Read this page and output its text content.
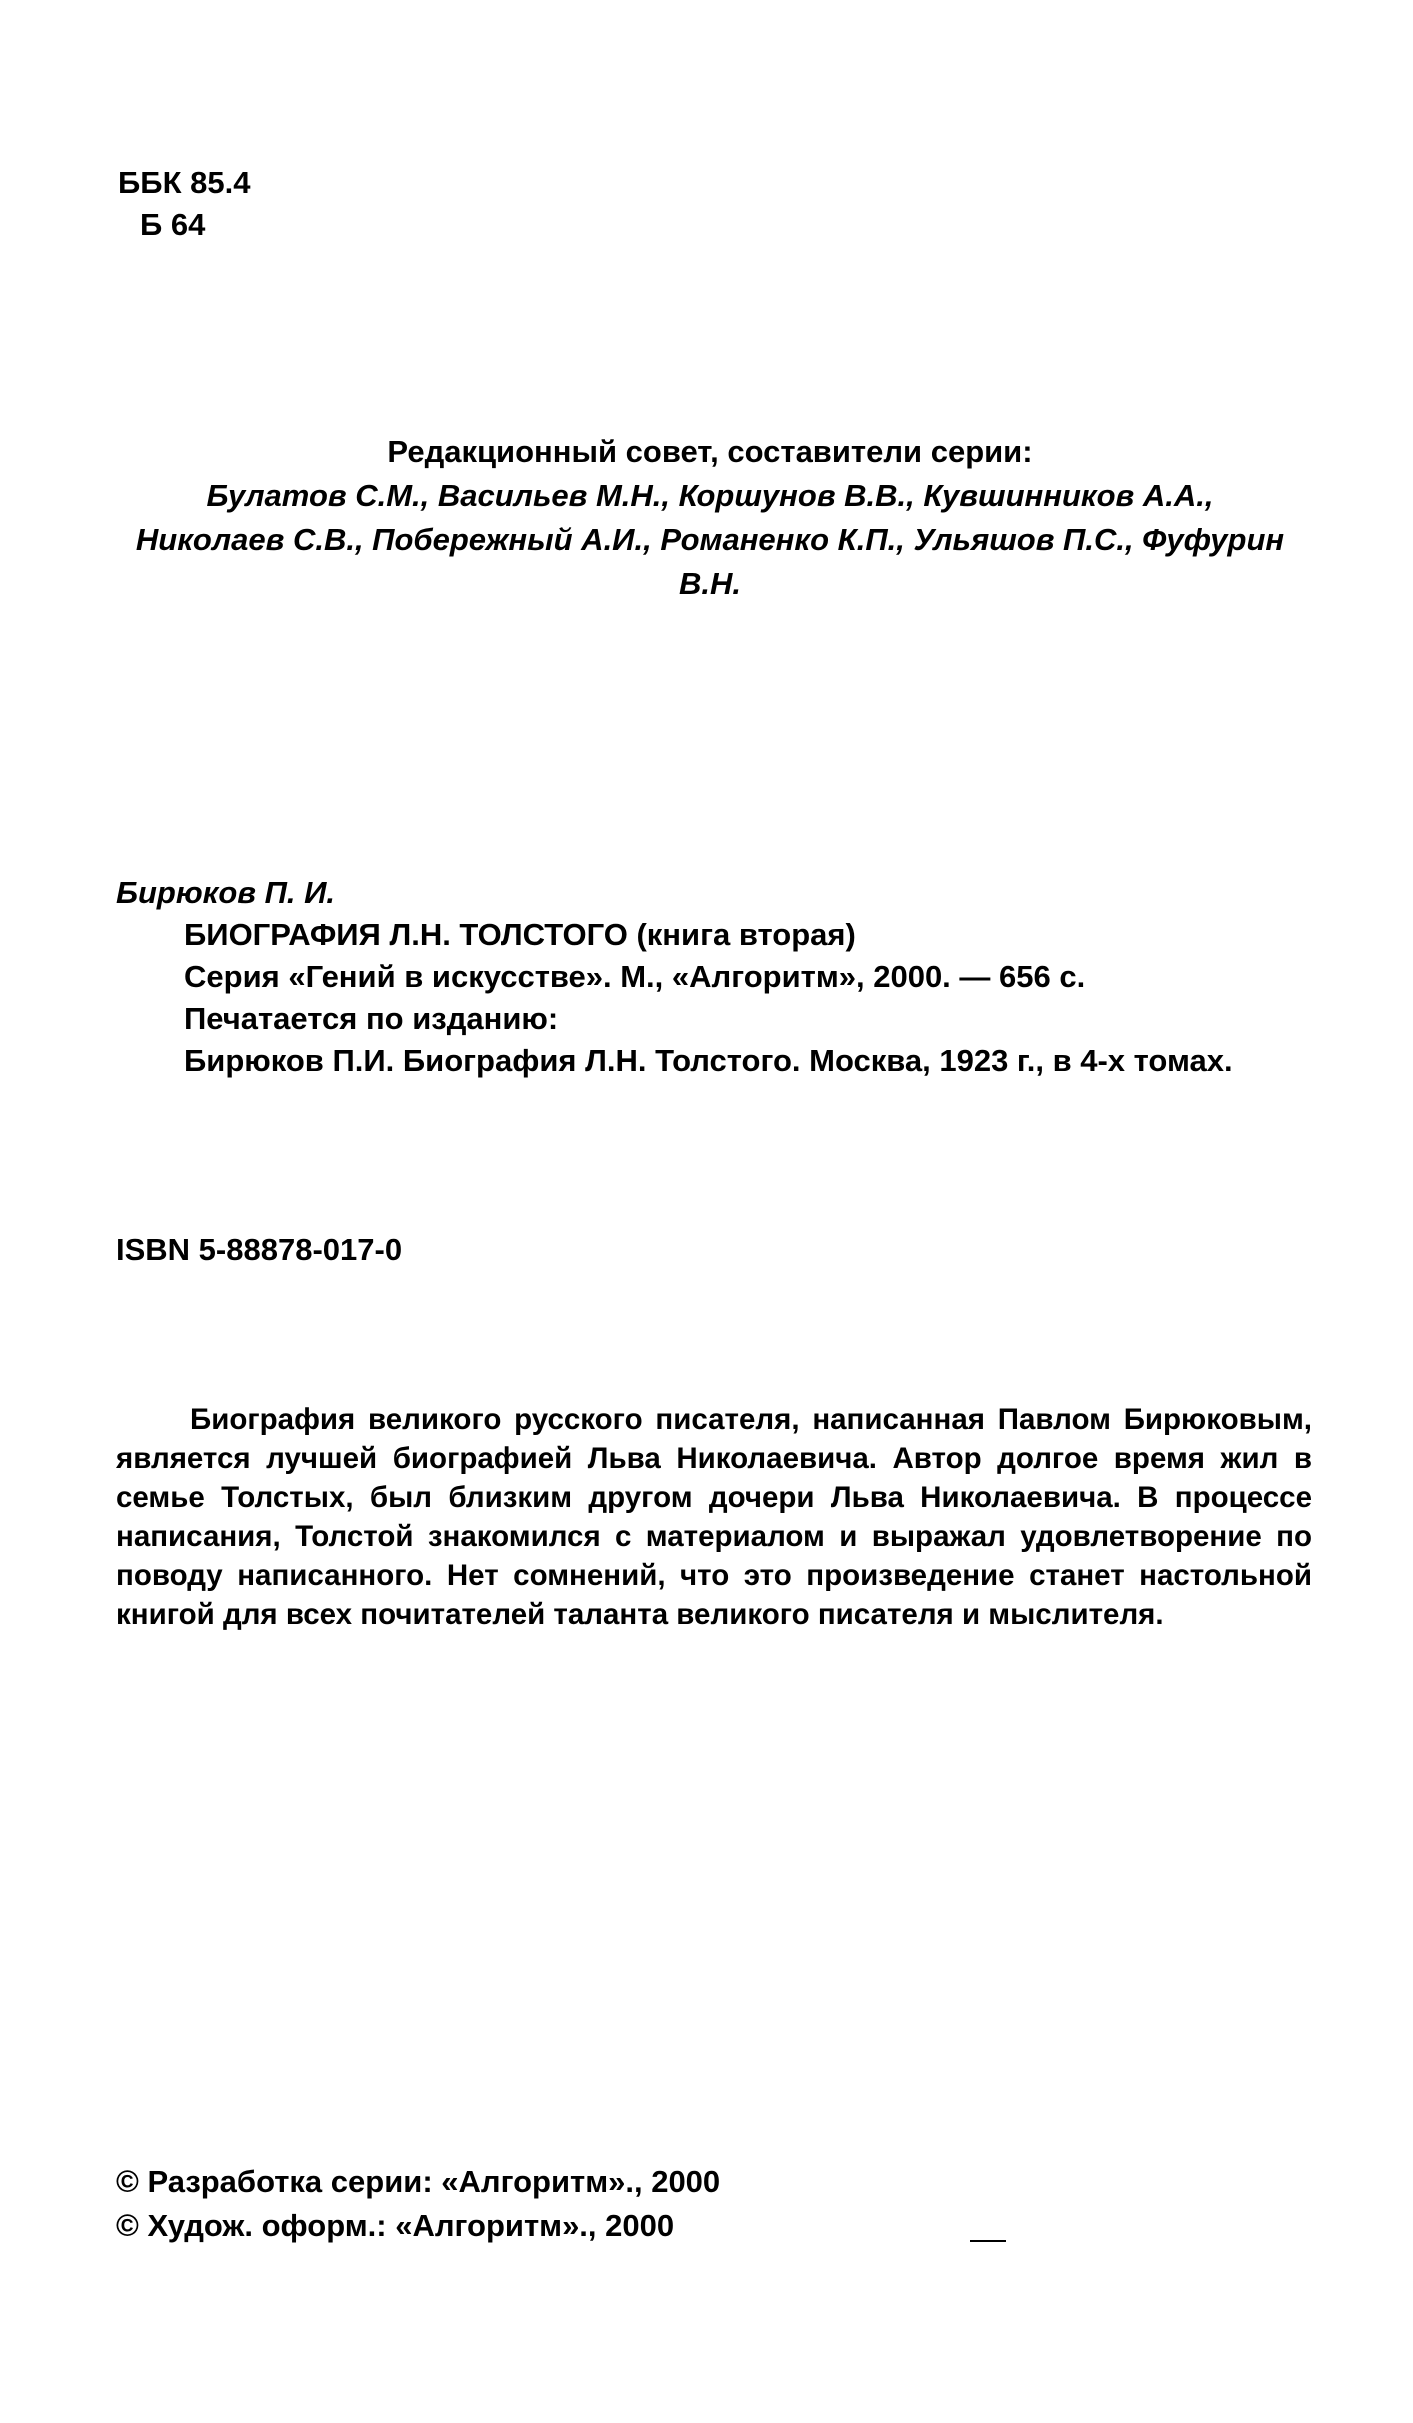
ББК 85.4
Б 64
Редакционный совет, составители серии:
Булатов С.М., Васильев М.Н., Коршунов В.В., Кувшинников А.А.,
Николаев С.В., Побережный А.И., Романенко К.П., Ульяшов П.С., Фуфурин В.Н.
Бирюков П. И.
БИОГРАФИЯ Л.Н. ТОЛСТОГО (книга вторая)
Серия «Гений в искусстве». М., «Алгоритм», 2000. — 656 с.
Печатается по изданию:
Бирюков П.И. Биография Л.Н. Толстого. Москва, 1923 г., в 4-х томах.
ISBN 5-88878-017-0
Биография великого русского писателя, написанная Павлом Бирюковым, является лучшей биографией Льва Николаевича. Автор долгое время жил в семье Толстых, был близким другом дочери Льва Николаевича. В процессе написания, Толстой знакомился с материалом и выражал удовлетворение по поводу написанного. Нет сомнений, что это произведение станет настольной книгой для всех почитателей таланта великого писателя и мыслителя.
© Разработка серии: «Алгоритм»., 2000
© Худож. оформ.: «Алгоритм»., 2000
